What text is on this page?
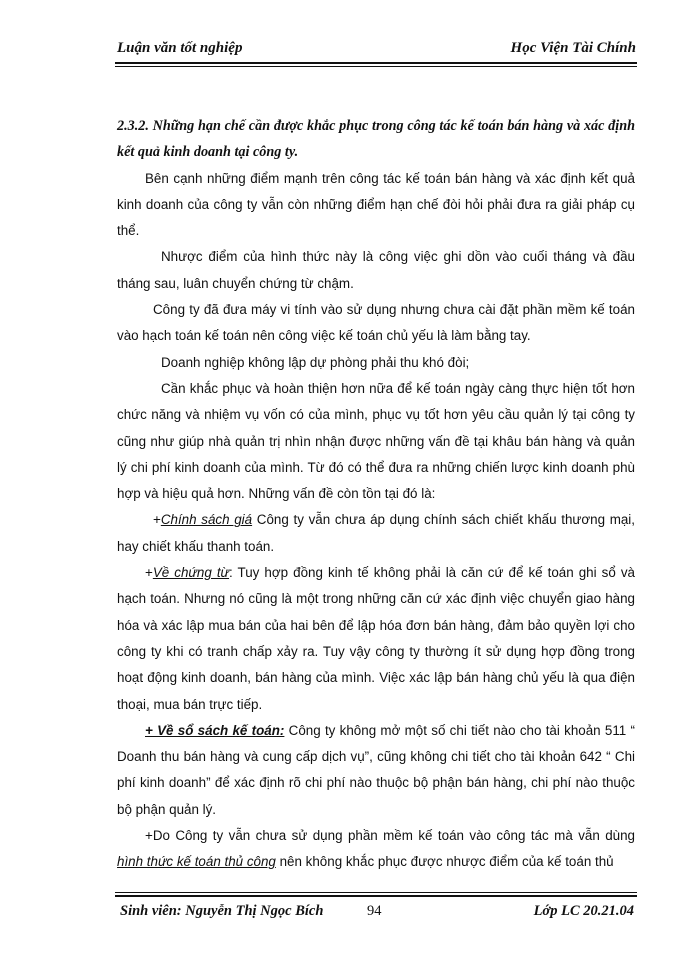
Luận văn tốt nghiệp	Học Viện Tài Chính

2.3.2. Những hạn chế cần được khắc phục trong công tác kế toán bán hàng và xác định kết quả kinh doanh tại công ty.

Bên cạnh những điểm mạnh trên công tác kế toán bán hàng và xác định kết quả kinh doanh của công ty vẫn còn những điểm hạn chế đòi hỏi phải đưa ra giải pháp cụ thể.

Nhược điểm của hình thức này là công việc ghi dồn vào cuối tháng và đầu tháng sau, luân chuyển chứng từ chậm.

Công ty đã đưa máy vi tính vào sử dụng nhưng chưa cài đặt phần mềm kế toán vào hạch toán kế toán nên công việc kế toán chủ yếu là làm bằng tay.

Doanh nghiệp không lập dự phòng phải thu khó đòi;

Cần khắc phục và hoàn thiện hơn nữa để kế toán ngày càng thực hiện tốt hơn chức năng và nhiệm vụ vốn có của mình, phục vụ tốt hơn yêu cầu quản lý tại công ty cũng như giúp nhà quản trị nhìn nhận được những vấn đề tại khâu bán hàng và quản lý chi phí kinh doanh của mình. Từ đó có thể đưa ra những chiến lược kinh doanh phù hợp và hiệu quả hơn. Những vấn đề còn tồn tại đó là:

+Chính sách giá Công ty vẫn chưa áp dụng chính sách chiết khấu thương mại, hay chiết khấu thanh toán.

+Về chứng từ: Tuy hợp đồng kinh tế không phải là căn cứ để kế toán ghi sổ và hạch toán. Nhưng nó cũng là một trong những căn cứ xác định việc chuyển giao hàng hóa và xác lập mua bán của hai bên để lập hóa đơn bán hàng, đảm bảo quyền lợi cho công ty khi có tranh chấp xảy ra. Tuy vậy công ty thường ít sử dụng hợp đồng trong hoạt động kinh doanh, bán hàng của mình. Việc xác lập bán hàng chủ yếu là qua điện thoại, mua bán trực tiếp.

+ Về sổ sách kế toán: Công ty không mở một số chi tiết nào cho tài khoản 511 “ Doanh thu bán hàng và cung cấp dịch vụ”, cũng không chi tiết cho tài khoản 642 “ Chi phí kinh doanh” để xác định rõ chi phí nào thuộc bộ phận bán hàng, chi phí nào thuộc bộ phận quản lý.

+Do Công ty vẫn chưa sử dụng phần mềm kế toán vào công tác mà vẫn dùng hình thức kế toán thủ công nên không khắc phục được nhược điểm của kế toán thủ

Sinh viên: Nguyễn Thị Ngọc Bích	94	Lớp LC 20.21.04
